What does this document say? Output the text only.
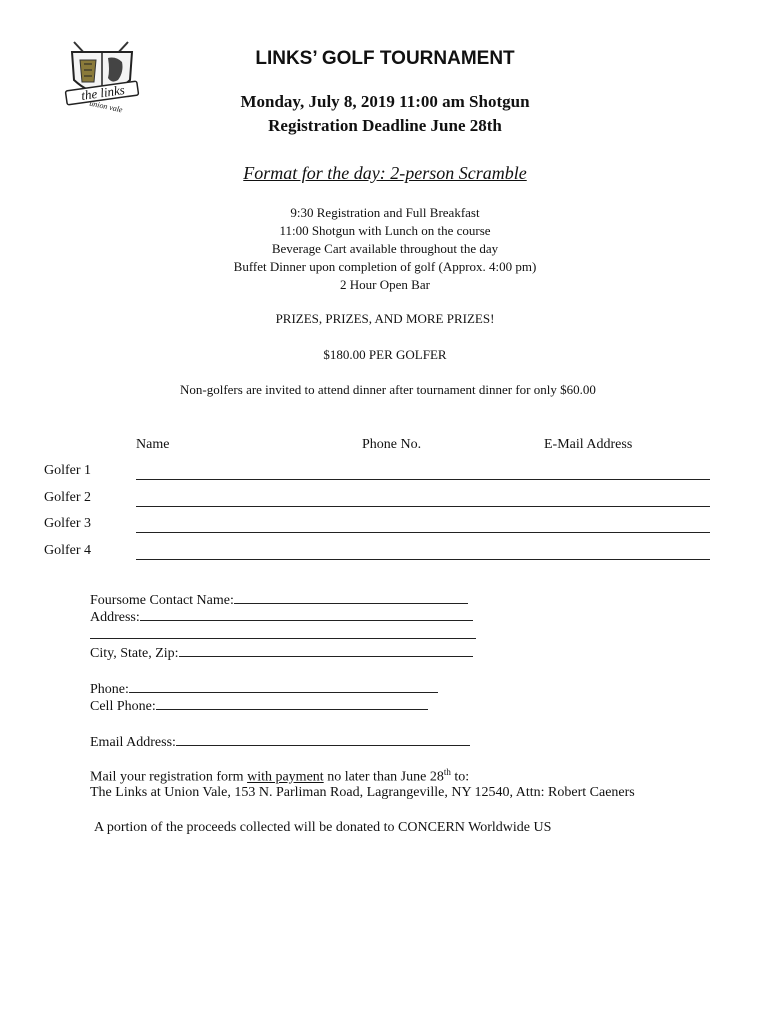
the links
union vale
LINKS’ GOLF TOURNAMENT
Monday, July 8, 2019 11:00 am Shotgun
Registration Deadline June 28th
Format for the day: 2-person Scramble
9:30 Registration and Full Breakfast
11:00 Shotgun with Lunch on the course
Beverage Cart available throughout the day
Buffet Dinner upon completion of golf (Approx. 4:00 pm)
2 Hour Open Bar
PRIZES, PRIZES, AND MORE PRIZES!
$180.00 PER GOLFER
Non-golfers are invited to attend dinner after tournament dinner for only $60.00
Name	Phone No.	E-Mail Address
Golfer 1
Golfer 2
Golfer 3
Golfer 4
Foursome Contact Name:
Address:
City, State, Zip:
Phone:
Cell Phone:
Email Address:
Mail your registration form with payment no later than June 28th to:
The Links at Union Vale, 153 N. Parliman Road, Lagrangeville, NY 12540, Attn: Robert Caeners
A portion of the proceeds collected will be donated to CONCERN Worldwide US
